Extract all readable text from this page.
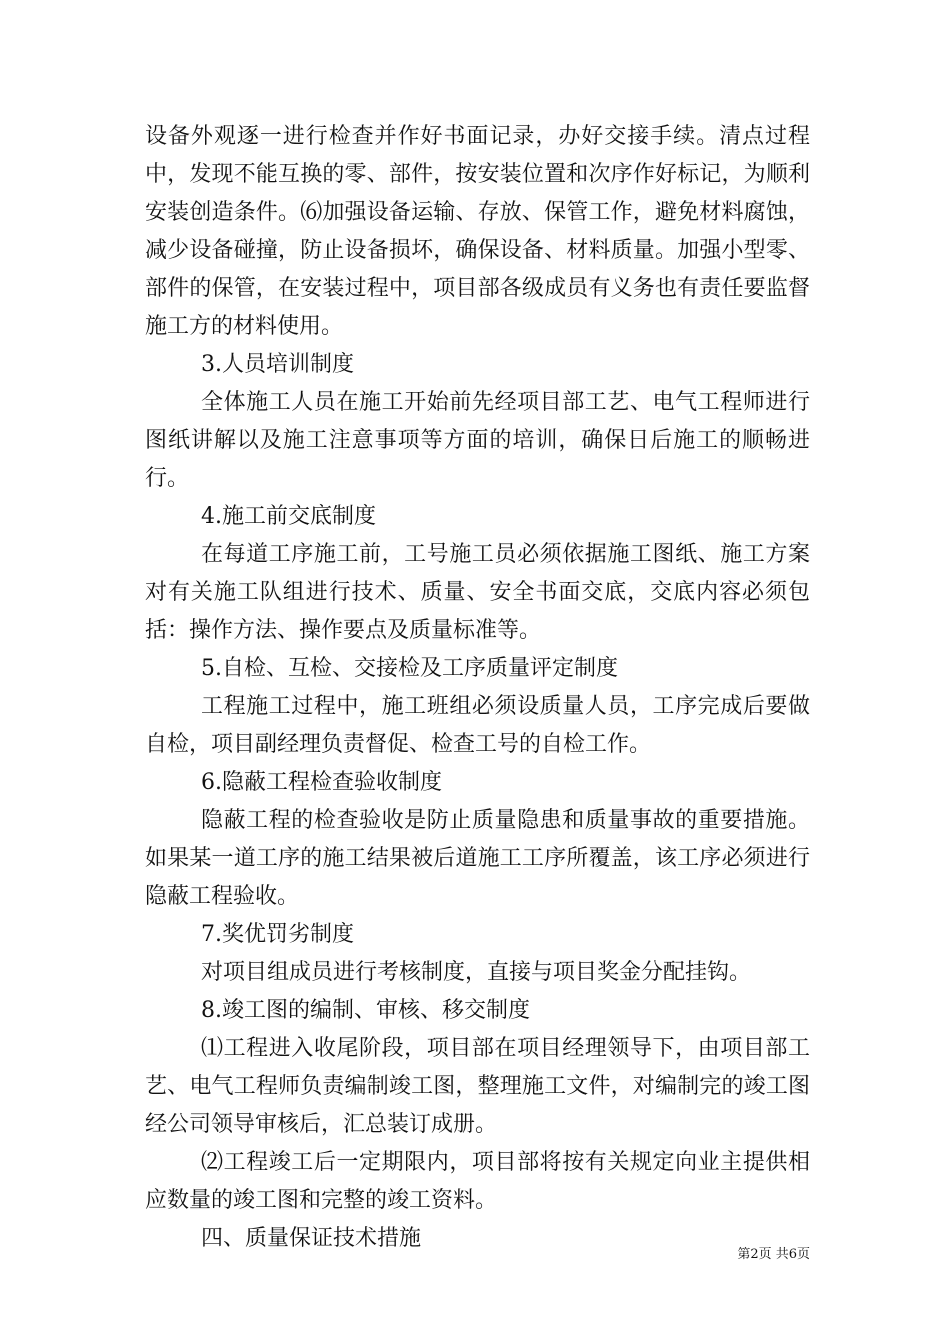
设备外观逐一进行检查并作好书面记录，办好交接手续。清点过程中，发现不能互换的零、部件，按安装位置和次序作好标记，为顺利安装创造条件。⑹加强设备运输、存放、保管工作，避免材料腐蚀，减少设备碰撞，防止设备损坏，确保设备、材料质量。加强小型零、部件的保管，在安装过程中，项目部各级成员有义务也有责任要监督施工方的材料使用。

3.人员培训制度

全体施工人员在施工开始前先经项目部工艺、电气工程师进行图纸讲解以及施工注意事项等方面的培训，确保日后施工的顺畅进行。

4.施工前交底制度

在每道工序施工前，工号施工员必须依据施工图纸、施工方案对有关施工队组进行技术、质量、安全书面交底，交底内容必须包括：操作方法、操作要点及质量标准等。

5.自检、互检、交接检及工序质量评定制度

工程施工过程中，施工班组必须设质量人员，工序完成后要做自检，项目副经理负责督促、检查工号的自检工作。

6.隐蔽工程检查验收制度

隐蔽工程的检查验收是防止质量隐患和质量事故的重要措施。如果某一道工序的施工结果被后道施工工序所覆盖，该工序必须进行隐蔽工程验收。

7.奖优罚劣制度

对项目组成员进行考核制度，直接与项目奖金分配挂钩。

8.竣工图的编制、审核、移交制度

⑴工程进入收尾阶段，项目部在项目经理领导下，由项目部工艺、电气工程师负责编制竣工图，整理施工文件，对编制完的竣工图经公司领导审核后，汇总装订成册。

⑵工程竣工后一定期限内，项目部将按有关规定向业主提供相应数量的竣工图和完整的竣工资料。

四、质量保证技术措施

第2页 共6页
